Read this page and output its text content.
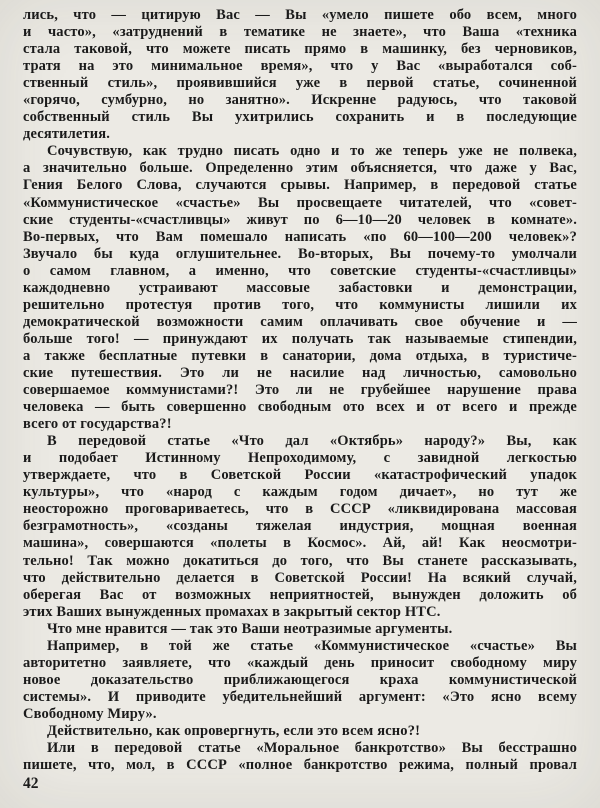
лись, что — цитирую Вас — Вы «умело пишете обо всем, много
и часто», «затруднений в тематике не знаете», что Ваша «техника
стала таковой, что можете писать прямо в машинку, без черновиков,
тратя на это минимальное время», что у Вас «выработался соб-
ственный стиль», проявившийся уже в первой статье, сочиненной
«горячо, сумбурно, но занятно». Искренне радуюсь, что таковой
собственный стиль Вы ухитрились сохранить и в последующие
десятилетия.
Сочувствую, как трудно писать одно и то же теперь уже не полвека,
а значительно больше. Определенно этим объясняется, что даже у Вас,
Гения Белого Слова, случаются срывы. Например, в передовой статье
«Коммунистическое «счастье» Вы просвещаете читателей, что «совет-
ские студенты-«счастливцы» живут по 6—10—20 человек в комнате».
Во-первых, что Вам помешало написать «по 60—100—200 человек»?
Звучало бы куда оглушительнее. Во-вторых, Вы почему-то умолчали
о самом главном, а именно, что советские студенты-«счастливцы»
каждодневно устраивают массовые забастовки и демонстрации,
решительно протестуя против того, что коммунисты лишили их
демократической возможности самим оплачивать свое обучение и —
больше того! — принуждают их получать так называемые стипендии,
а также бесплатные путевки в санатории, дома отдыха, в туристиче-
ские путешествия. Это ли не насилие над личностью, самовольно
совершаемое коммунистами?! Это ли не грубейшее нарушение права
человека — быть совершенно свободным ото всех и от всего и прежде
всего от государства?!
В передовой статье «Что дал «Октябрь» народу?» Вы, как
и подобает Истинному Непроходимому, с завидной легкостью
утверждаете, что в Советской России «катастрофический упадок
культуры», что «народ с каждым годом дичает», но тут же
неосторожно проговариваетесь, что в СССР «ликвидирована массовая
безграмотность», «созданы тяжелая индустрия, мощная военная
машина», совершаются «полеты в Космос». Ай, ай! Как неосмотри-
тельно! Так можно докатиться до того, что Вы станете рассказывать,
что действительно делается в Советской России! На всякий случай,
оберегая Вас от возможных неприятностей, вынужден доложить об
этих Ваших вынужденных промахах в закрытый сектор НТС.
Что мне нравится — так это Ваши неотразимые аргументы.
Например, в той же статье «Коммунистическое «счастье» Вы
авторитетно заявляете, что «каждый день приносит свободному миру
новое доказательство приближающегося краха коммунистической
системы». И приводите убедительнейший аргумент: «Это ясно всему
Свободному Миру».
Действительно, как опровергнуть, если это всем ясно?!
Или в передовой статье «Моральное банкротство» Вы бесстрашно
пишете, что, мол, в СССР «полное банкротство режима, полный провал
42
